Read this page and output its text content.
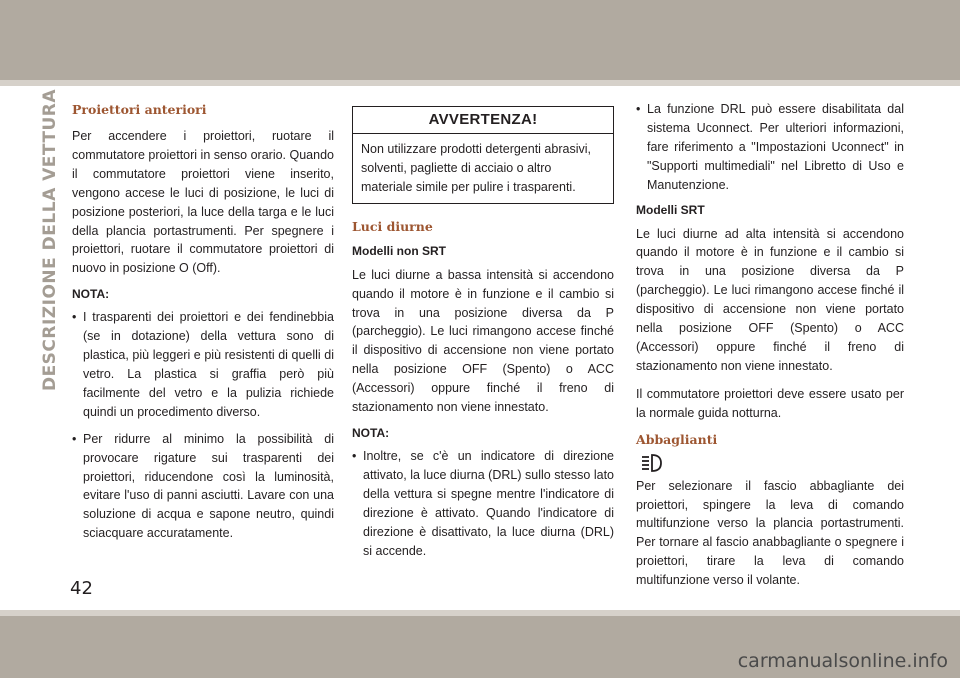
DESCRIZIONE DELLA VETTURA Proiettori anteriori

Per accendere i proiettori, ruotare il commutatore proiettori in senso orario. Quando il commutatore proiettori viene inserito, vengono accese le luci di posizione, le luci di posizione posteriori, la luce della targa e le luci della plancia portastrumenti. Per spegnere i proiettori, ruotare il commutatore proiettori di nuovo in posizione O (Off).

NOTA:
• I trasparenti dei proiettori e dei fendinebbia (se in dotazione) della vettura sono di plastica, più leggeri e più resistenti di quelli di vetro. La plastica si graffia però più facilmente del vetro e la pulizia richiede quindi un procedimento diverso.
• Per ridurre al minimo la possibilità di provocare rigature sui trasparenti dei proiettori, riducendone così la luminosità, evitare l'uso di panni asciutti. Lavare con una soluzione di acqua e sapone neutro, quindi sciacquare accuratamente.
AVVERTENZA!
Non utilizzare prodotti detergenti abrasivi, solventi, pagliette di acciaio o altro materiale simile per pulire i trasparenti.
Luci diurne
Modelli non SRT

Le luci diurne a bassa intensità si accendono quando il motore è in funzione e il cambio si trova in una posizione diversa da P (parcheggio). Le luci rimangono accese finché il dispositivo di accensione non viene portato nella posizione OFF (Spento) o ACC (Accessori) oppure finché il freno di stazionamento non viene innestato.

NOTA:
• Inoltre, se c'è un indicatore di direzione attivato, la luce diurna (DRL) sullo stesso lato della vettura si spegne mentre l'indicatore di direzione è attivato. Quando l'indicatore di direzione è disattivato, la luce diurna (DRL) si accende.
• La funzione DRL può essere disabilitata dal sistema Uconnect. Per ulteriori informazioni, fare riferimento a "Impostazioni Uconnect" in "Supporti multimediali" nel Libretto di Uso e Manutenzione.
Modelli SRT

Le luci diurne ad alta intensità si accendono quando il motore è in funzione e il cambio si trova in una posizione diversa da P (parcheggio). Le luci rimangono accese finché il dispositivo di accensione non viene portato nella posizione OFF (Spento) o ACC (Accessori) oppure finché il freno di stazionamento non viene innestato.

Il commutatore proiettori deve essere usato per la normale guida notturna.

Abbaglianti

Per selezionare il fascio abbagliante dei proiettori, spingere la leva di comando multifunzione verso la plancia portastrumenti. Per tornare al fascio anabbagliante o spegnere i proiettori, tirare la leva di comando multifunzione verso il volante.

42
carmanualsonline.info
